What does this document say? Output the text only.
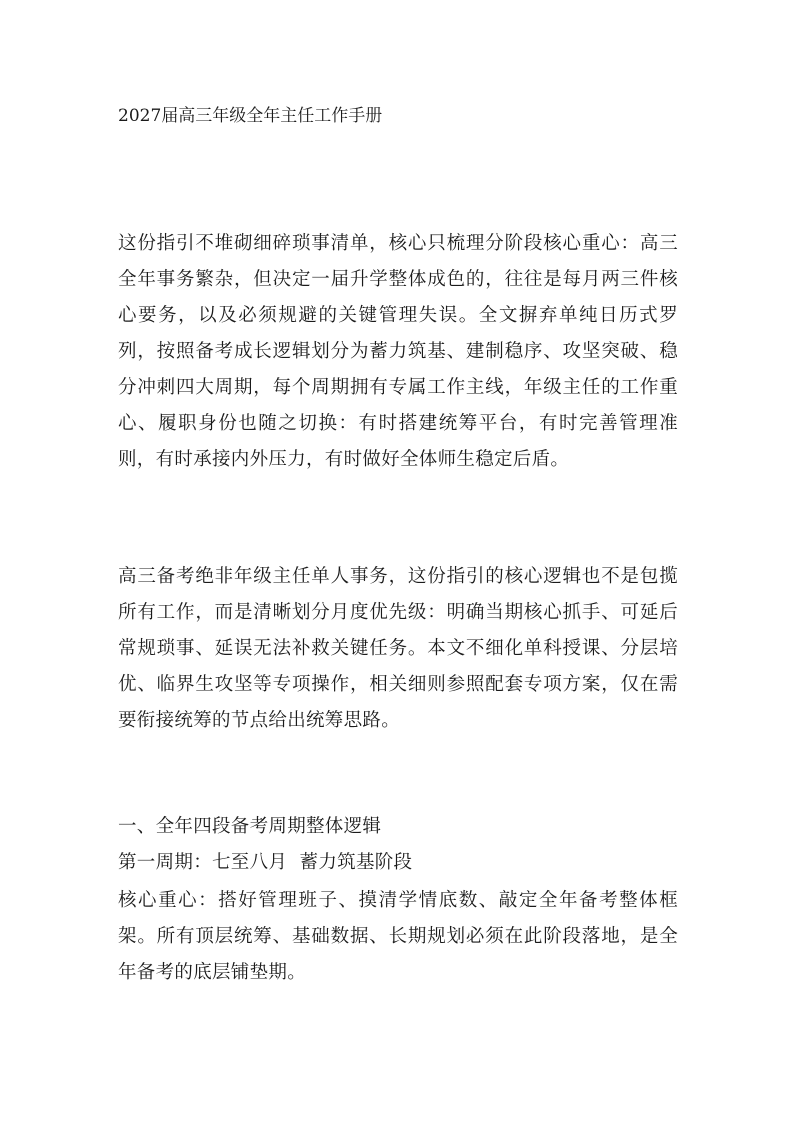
2027届高三年级全年主任工作手册
这份指引不堆砌细碎琐事清单，核心只梳理分阶段核心重心：高三全年事务繁杂，但决定一届升学整体成色的，往往是每月两三件核心要务，以及必须规避的关键管理失误。全文摒弃单纯日历式罗列，按照备考成长逻辑划分为蓄力筑基、建制稳序、攻坚突破、稳分冲刺四大周期，每个周期拥有专属工作主线，年级主任的工作重心、履职身份也随之切换：有时搭建统筹平台，有时完善管理准则，有时承接内外压力，有时做好全体师生稳定后盾。
高三备考绝非年级主任单人事务，这份指引的核心逻辑也不是包揽所有工作，而是清晰划分月度优先级：明确当期核心抓手、可延后常规琐事、延误无法补救关键任务。本文不细化单科授课、分层培优、临界生攻坚等专项操作，相关细则参照配套专项方案，仅在需要衔接统筹的节点给出统筹思路。
一、全年四段备考周期整体逻辑
第一周期：七至八月  蓄力筑基阶段
核心重心：搭好管理班子、摸清学情底数、敲定全年备考整体框架。所有顶层统筹、基础数据、长期规划必须在此阶段落地，是全年备考的底层铺垫期。
